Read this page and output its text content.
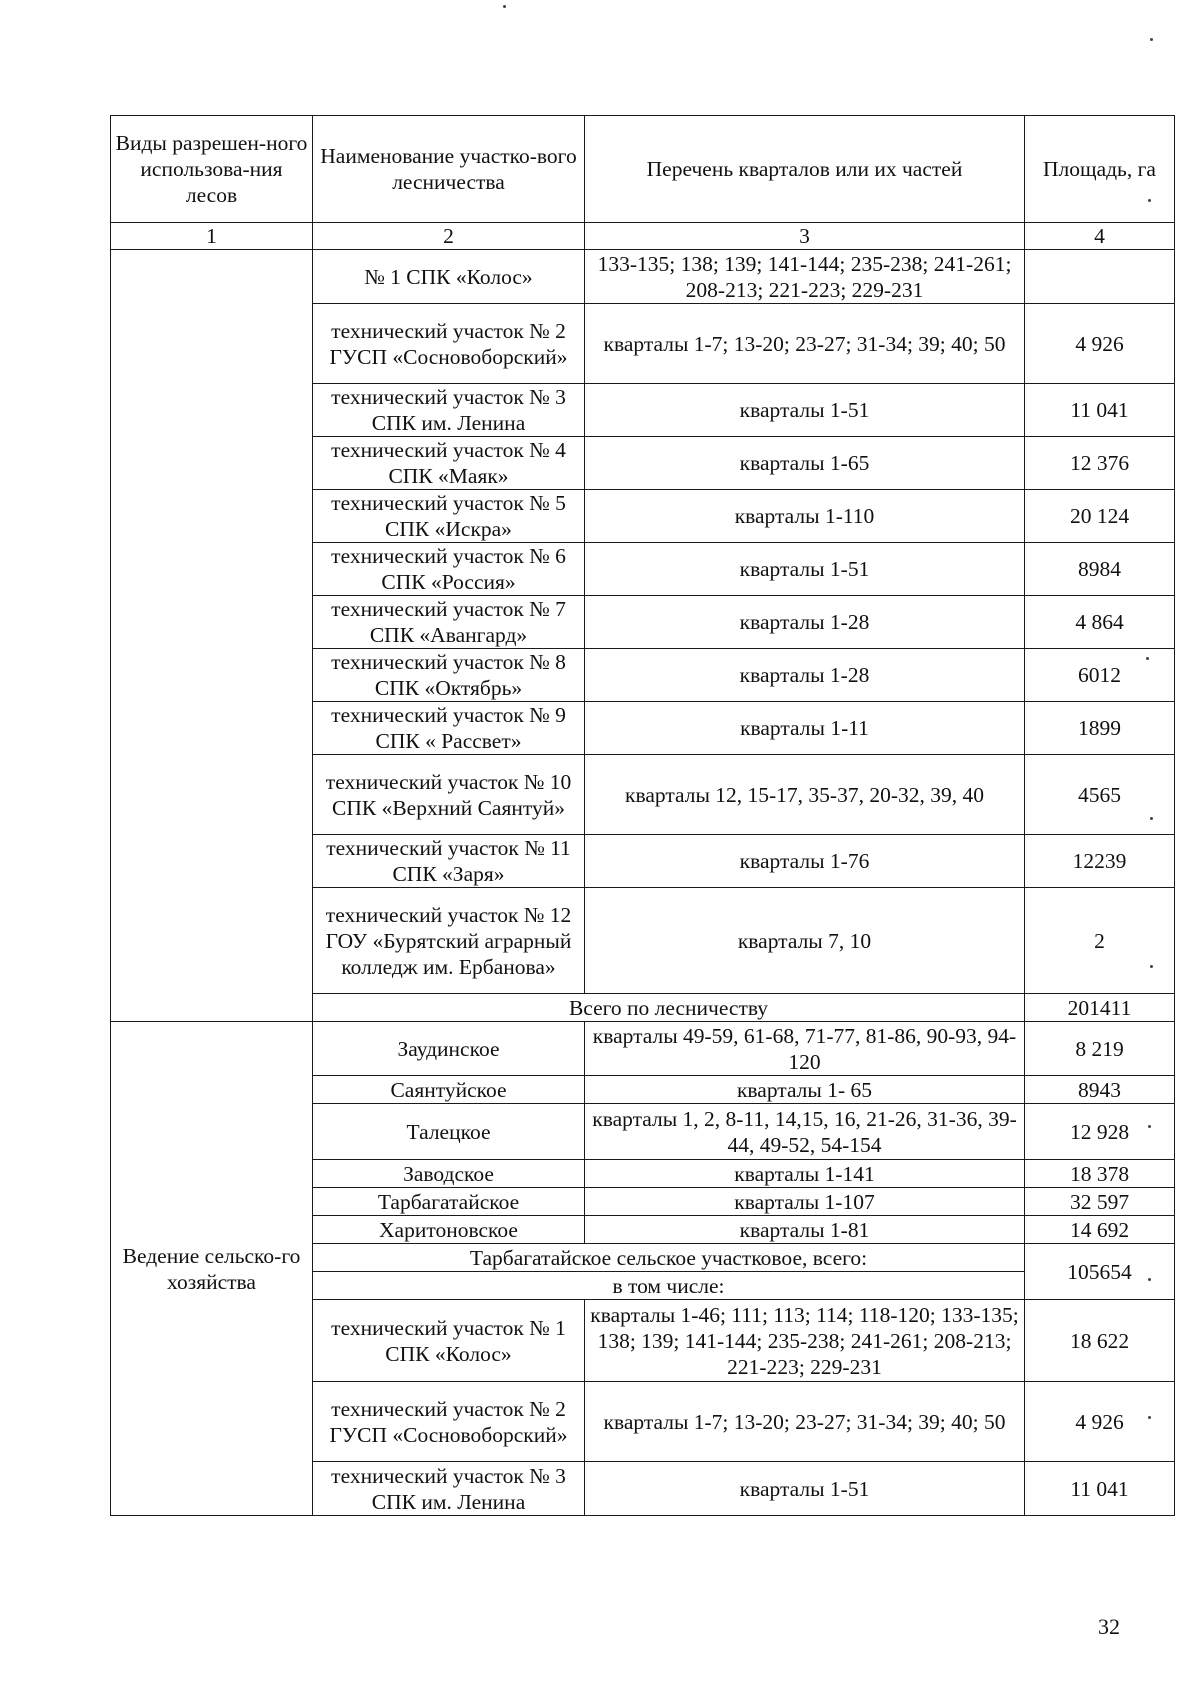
Виды разрешен-ного использова-ния лесов	Наименование участко-вого лесничества	Перечень кварталов или их частей	Площадь, га
1	2	3	4
	№ 1 СПК «Колос»	133-135; 138; 139; 141-144; 235-238; 241-261; 208-213; 221-223; 229-231	
	технический участок № 2 ГУСП «Сосновоборский»	кварталы 1-7; 13-20; 23-27; 31-34; 39; 40; 50	4 926
	технический участок № 3 СПК им. Ленина	кварталы 1-51	11 041
	технический участок № 4 СПК «Маяк»	кварталы 1-65	12 376
	технический участок № 5 СПК «Искра»	кварталы 1-110	20 124
	технический участок № 6 СПК «Россия»	кварталы 1-51	8984
	технический участок № 7 СПК «Авангард»	кварталы 1-28	4 864
	технический участок № 8 СПК «Октябрь»	кварталы 1-28	6012
	технический участок № 9 СПК « Рассвет»	кварталы 1-11	1899
	технический участок № 10 СПК «Верхний Саянтуй»	кварталы 12, 15-17, 35-37, 20-32, 39, 40	4565
	технический участок № 11 СПК «Заря»	кварталы 1-76	12239
	технический участок № 12 ГОУ «Бурятский аграрный колледж им. Ербанова»	кварталы 7, 10	2
	Всего по лесничеству		201411
Ведение сельско-го хозяйства	Заудинское	кварталы 49-59, 61-68, 71-77, 81-86, 90-93, 94-120	8 219
	Саянтуйское	кварталы 1- 65	8943
	Талецкое	кварталы 1, 2, 8-11, 14,15, 16, 21-26, 31-36, 39-44, 49-52, 54-154	12 928
	Заводское	кварталы 1-141	18 378
	Тарбагатайское	кварталы 1-107	32 597
	Харитоновское	кварталы 1-81	14 692
	Тарбагатайское сельское участковое, всего:		105654
	в том числе:		
	технический участок № 1 СПК «Колос»	кварталы 1-46; 111; 113; 114; 118-120; 133-135; 138; 139; 141-144; 235-238; 241-261; 208-213; 221-223; 229-231	18 622
	технический участок № 2 ГУСП «Сосновоборский»	кварталы 1-7; 13-20; 23-27; 31-34; 39; 40; 50	4 926
	технический участок № 3 СПК им. Ленина	кварталы 1-51	11 041
32
